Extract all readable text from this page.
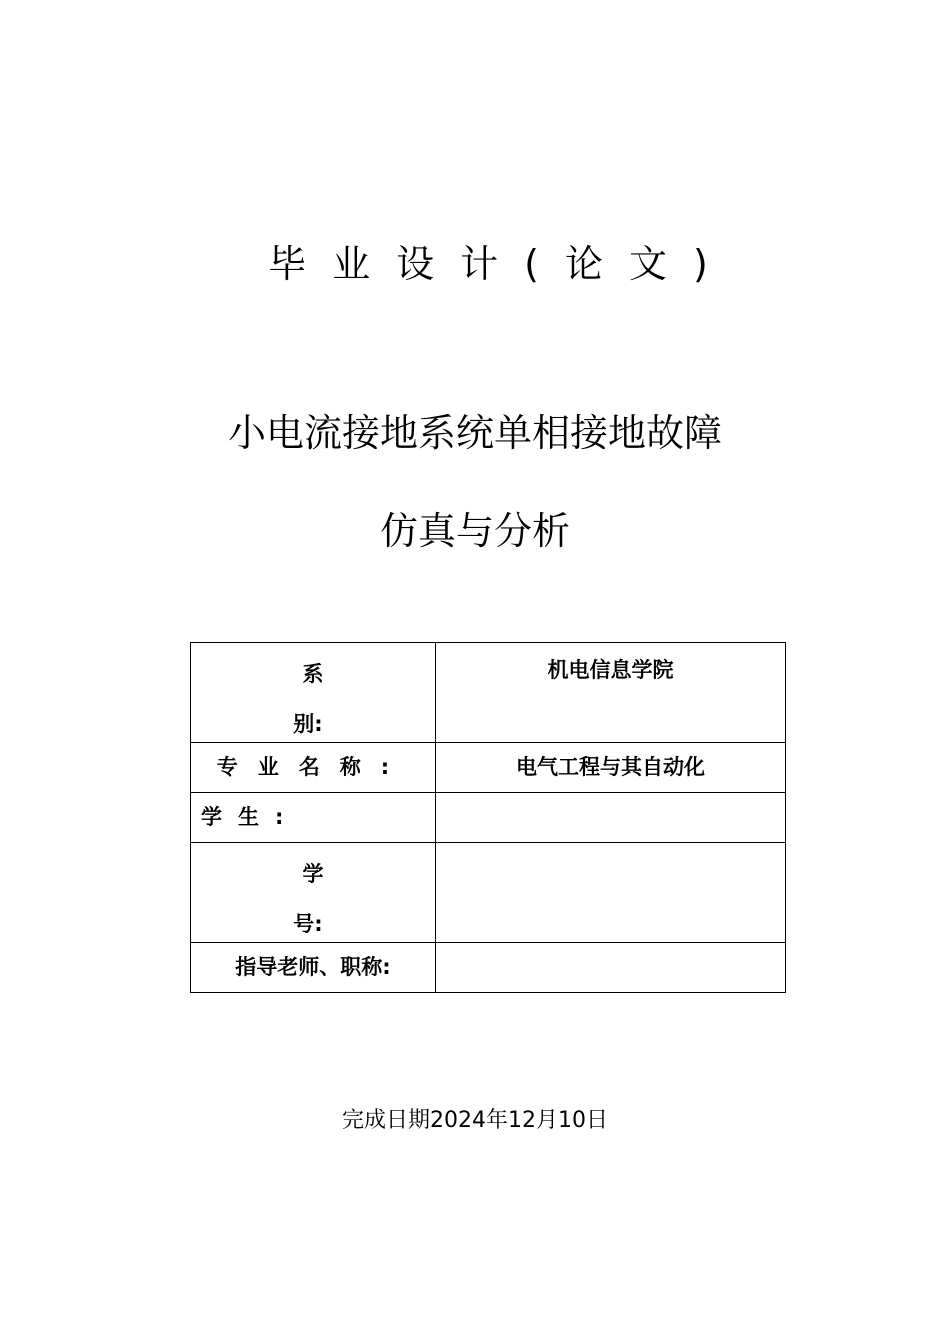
毕业设计(论文)
小电流接地系统单相接地故障
仿真与分析
系
别:	机电信息学院

专业名称:	电气工程与其自动化

学生:	

学
号:	

指导老师、职称:	

完成日期2024年12月10日
